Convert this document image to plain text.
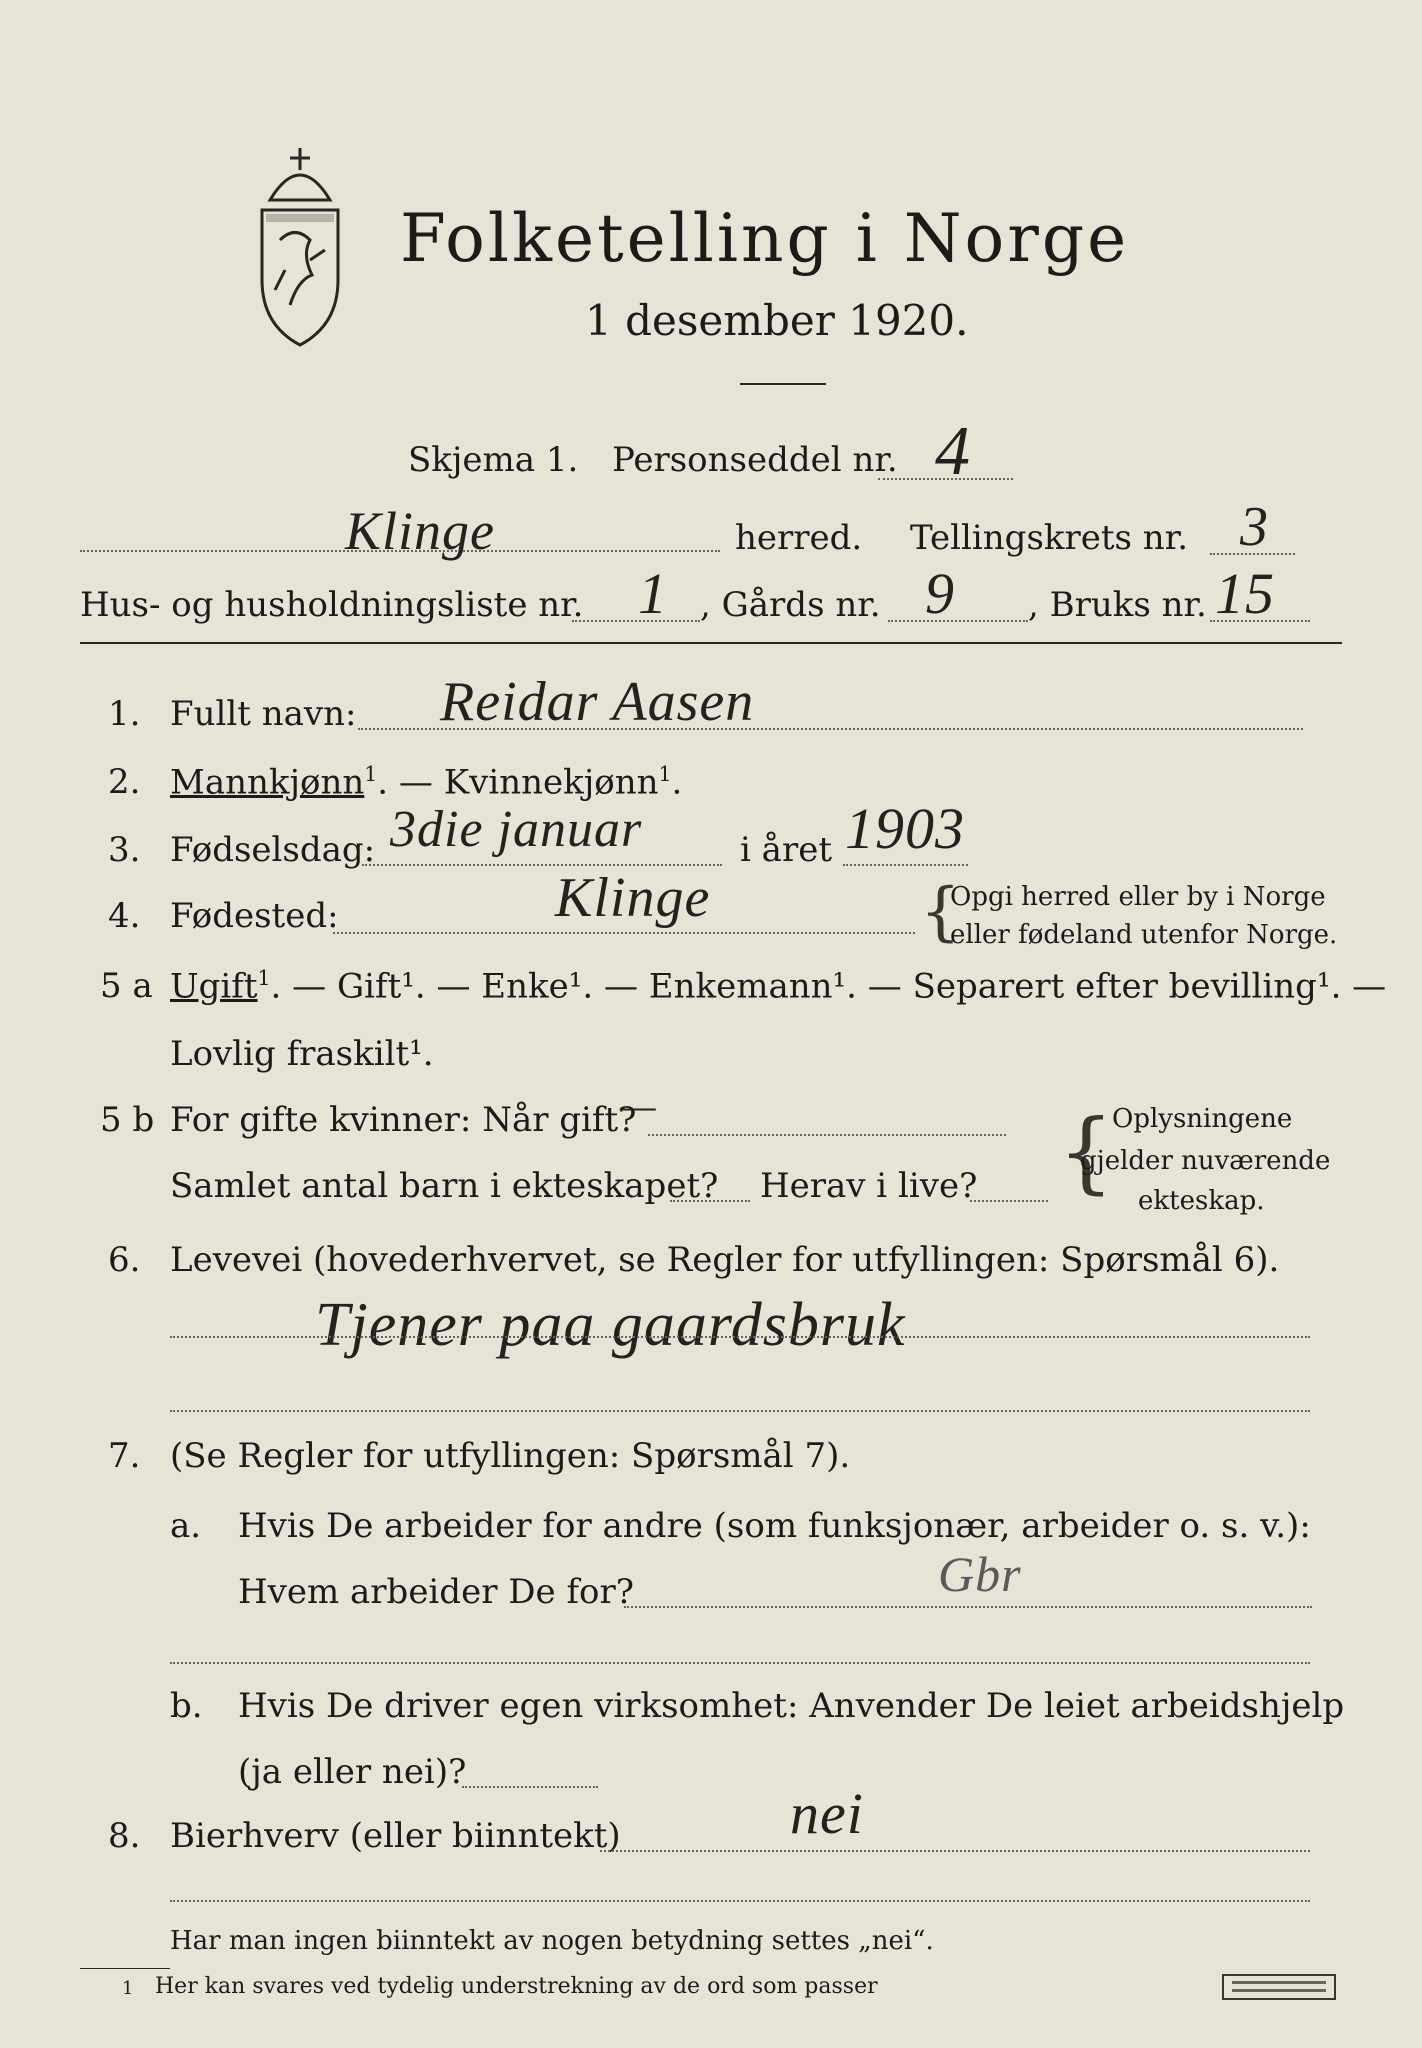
Folketelling i Norge
1 desember 1920.
Skjema 1. Personseddel nr. 4
Klinge	herred. Tellingskrets nr. 3
Hus- og husholdningsliste nr. 1 , Gårds nr. 9 , Bruks nr. 15
1. Fullt navn: Reidar Aasen
2. Mannkjønn$^1$. — Kvinnekjønn$^1$.
3. Fødselsdag: 3die januar	i året 1903
4. Fødested:	Klinge	{
Opgi herred eller by i Norge
eller fødeland utenfor Norge.
5 a Ugift$^1$. — Gift¹. — Enke¹. — Enkemann¹. — Separert efter bevilling¹. —
Lovlig fraskilt¹.
5 b For gifte kvinner: Når gift?
—
Samlet antal barn i ekteskapet? Herav i live? {
Oplysningene
gjelder nuværende
ekteskap.
6. Levevei (hovederhvervet, se Regler for utfyllingen: Spørsmål 6).
Tjener paa gaardsbruk
7. (Se Regler for utfyllingen: Spørsmål 7).
a. Hvis De arbeider for andre (som funksjonær, arbeider o. s. v.):
Hvem arbeider De for?	Gbr
b. Hvis De driver egen virksomhet: Anvender De leiet arbeidshjelp
(ja eller nei)?
8. Bierhverv (eller biinntekt)	nei
Har man ingen biinntekt av nogen betydning settes „nei“.
1 Her kan svares ved tydelig understrekning av de ord som passer
